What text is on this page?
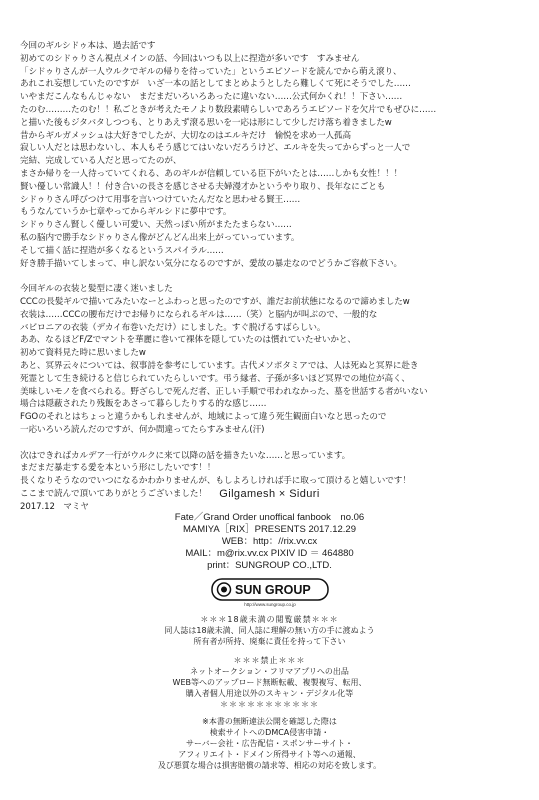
今回のギルシドゥ本は、過去話です
初めてのシドゥりさん視点メインの話、今回はいつも以上に捏造が多いです　すみません
「シドゥりさんが一人ウルクでギルの帰りを待っていた」というエピソードを読んでから萌え滾り、
あれこれ妄想していたのですが　いざ一本の話としてまとめようとしたら難しくて死にそうでした……
いやまだこんなもんじゃない　まだまだいろいろあったに違いない……公式何かくれ！！下さい……
たのむ………たのむ！！私ごときが考えたモノより数段素晴らしいであろうエピソードを欠片でもぜひに……
と描いた後もジタバタしつつも、とりあえず滾る思いを一応は形にして少しだけ落ち着きましたw
昔からギルガメッシュは大好きでしたが、大切なのはエルキだけ　愉悦を求め一人孤高
寂しい人だとは思わないし、本人もそう感じてはいないだろうけど、エルキを失ってからずっと一人で
完結、完成している人だと思ってたのが、
まさか帰りを一人待っていてくれる、あのギルが信頼している臣下がいたとは……しかも女性！！！
賢い優しい常識人！！付き合いの長さを感じさせる夫婦漫才かというやり取り、長年なにごとも
シドゥりさん呼びつけて用事を言いつけていたんだなと思わせる賢王……
もうなんていうか七章やってからギルシドに夢中です。
シドゥりさん賢しく優しい可愛い、天然っぽい所がまたたまらない……
私の脳内で勝手なシドゥりさん像がどんどん出来上がっていっています。
そして描く話に捏造が多くなるというスパイラル……
好き勝手描いてしまって、申し訳ない気分になるのですが、愛故の暴走なのでどうかご容赦下さい。
今回ギルの衣装と髪型に凄く迷いました
CCCの長髪ギルで描いてみたいなーとふわっと思ったのですが、誰だお前状態になるので諦めましたw
衣装は……CCCの腰布だけでお帰りになられるギルは……（笑）と脳内が叫ぶので、一般的な
バビロニアの衣装（デカイ布巻いただけ）にしました。すぐ脱げるすばらしい。
ああ、なるほどF/Zでマントを華麗に巻いて裸体を隠していたのは慣れていたせいかと、
初めて資料見た時に思いましたw
あと、冥界云々については、叙事詩を参考にしています。古代メソポタミアでは、人は死ぬと冥界に赴き
死霊として生き続けると信じられていたらしいです。弔う縁者、子孫が多いほど冥界での地位が高く、
美味しいモノを食べられる。野ざらしで死んだ者、正しい手順で弔われなかった、墓を世話する者がいない
場合は隠蔽されたり残飯をあさって暮らしたりする的な感じ……
FGOのそれとはちょっと違うかもしれませんが、地域によって違う死生観面白いなと思ったので
一応いろいろ読んだのですが、何か間違ってたらすみません(汗)
次はできればカルデア一行がウルクに来て以降の話を描きたいな……と思っています。
まだまだ暴走する愛を本という形にしたいです！！
長くなりそうなのでいつになるかわかりませんが、もしよろしければ手に取って頂けると嬉しいです！
ここまで読んで頂いてありがとうございました！
2017.12　マミヤ
Gilgamesh × Siduri
Fate／Grand Order unoffical fanbook　no.06
MAMIYA［RIX］PRESENTS 2017.12.29
WEB：http：//rix.vv.cx
MAIL：m@rix.vv.cx PIXIV ID ＝ 464880
print：SUNGROUP CO.,LTD.
SUN GROUP
http://www.sungroup.co.jp
＊＊＊18歳未満の閲覧厳禁＊＊＊
同人誌は18歳未満、同人誌に理解の無い方の手に渡ぬよう
所有者が所持、廃棄に責任を持って下さい
＊＊＊禁止＊＊＊
ネットオークション・フリマアプリへの出品
WEB等へのアップロード無断転載、複製複写、転用、
購入者個人用途以外のスキャン・デジタル化等
＊＊＊＊＊＊＊＊＊＊＊
※本書の無断違法公開を確認した際は
検索サイトへのDMCA侵害申請・
サーバー会社・広告配信・スポンサーサイト・
アフィリエイト・ドメイン所得サイト等への通報、
及び悪質な場合は損害賠償の請求等、相応の対応を致します。
